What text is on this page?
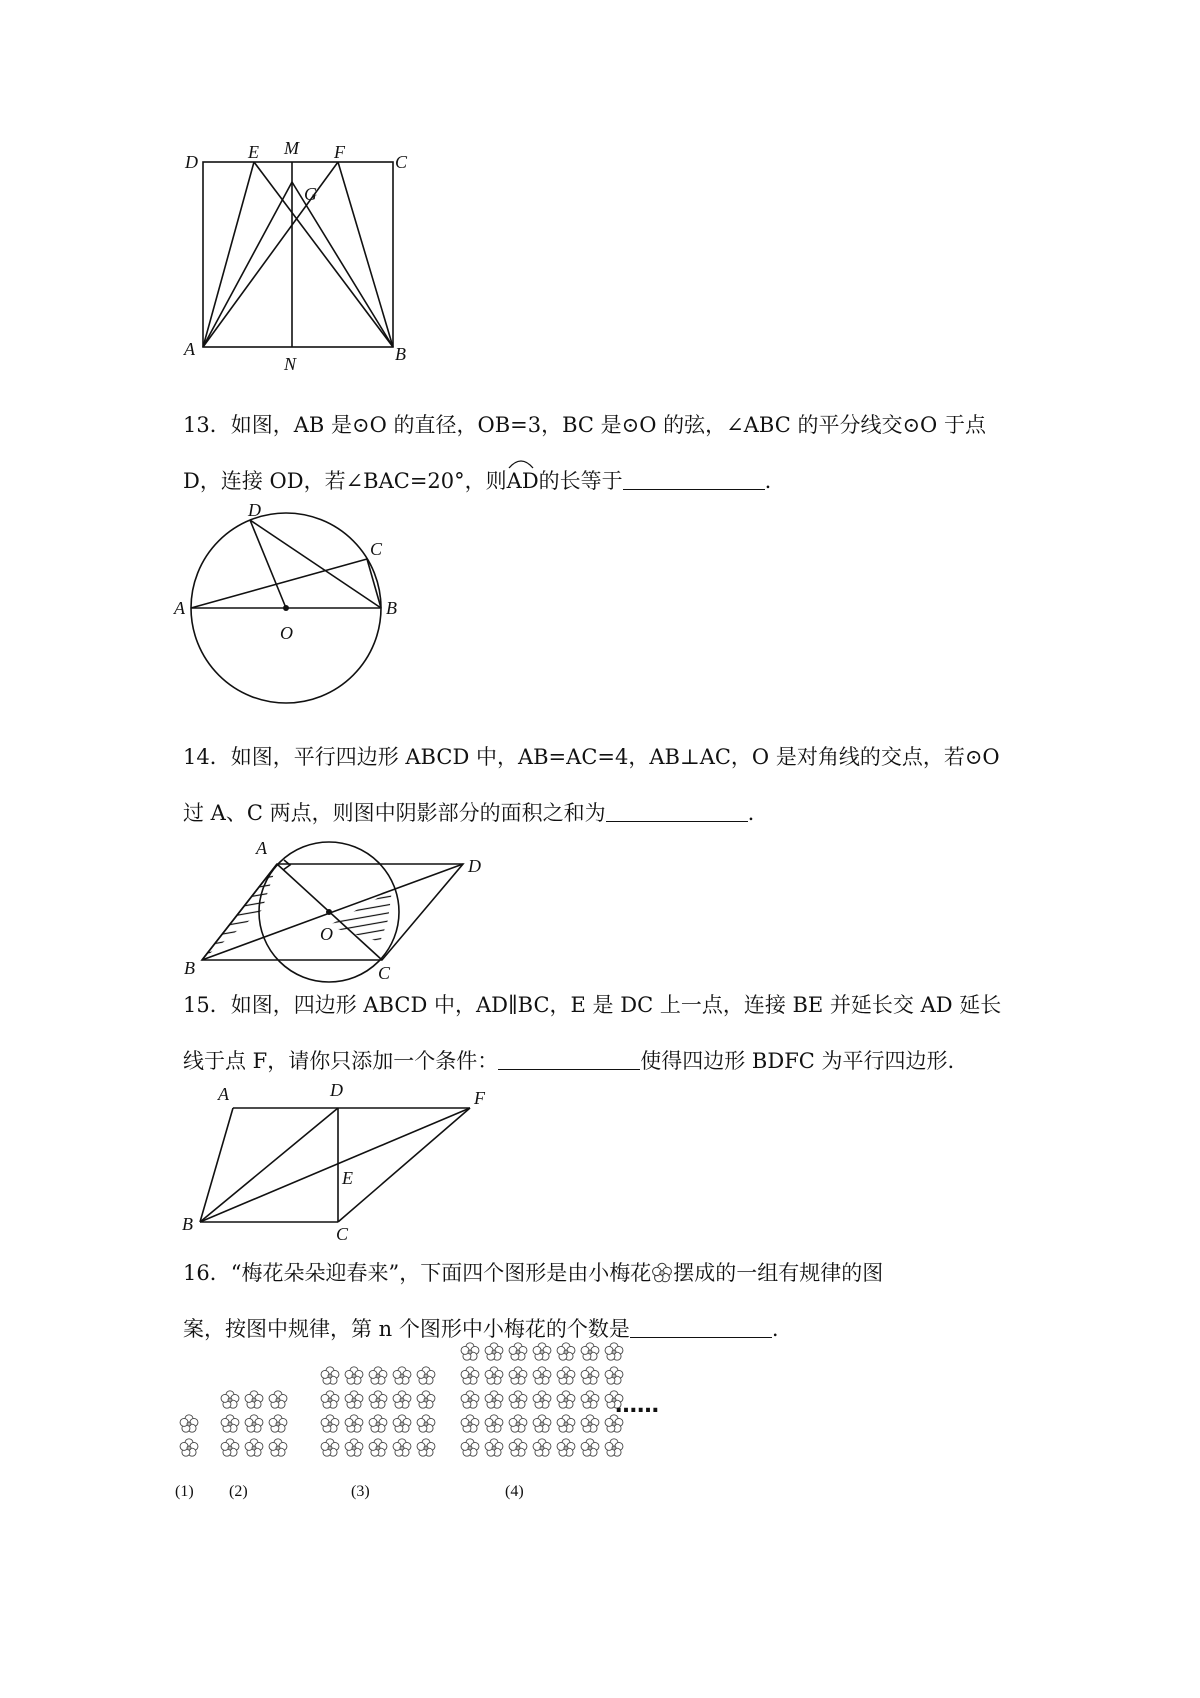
D	E M F	C
G
A
N	B
13．如图，AB 是⊙O 的直径，OB=3，BC 是⊙O 的弦，∠ABC 的平分线交⊙O 于点
D，连接 OD，若∠BAC=20°，则
AD的长等于	.
D
C
A
O
B
14．如图，平行四边形 ABCD 中，AB=AC=4，AB⊥AC，O 是对角线的交点，若⊙O
过 A、C 两点，则图中阴影部分的面积之和为	.
A
D
O
B	C
15．如图，四边形 ABCD 中，AD∥BC，E 是 DC 上一点，连接 BE 并延长交 AD 延长
线于点 F，请你只添加一个条件：	使得四边形 BDFC 为平行四边形.
A	D	F
E
B	C
16．“梅花朵朵迎春来”，下面四个图形是由小梅花 摆成的一组有规律的图
案，按图中规律，第 n 个图形中小梅花的个数是	.
(1) (2)	(3)	(4)
……
